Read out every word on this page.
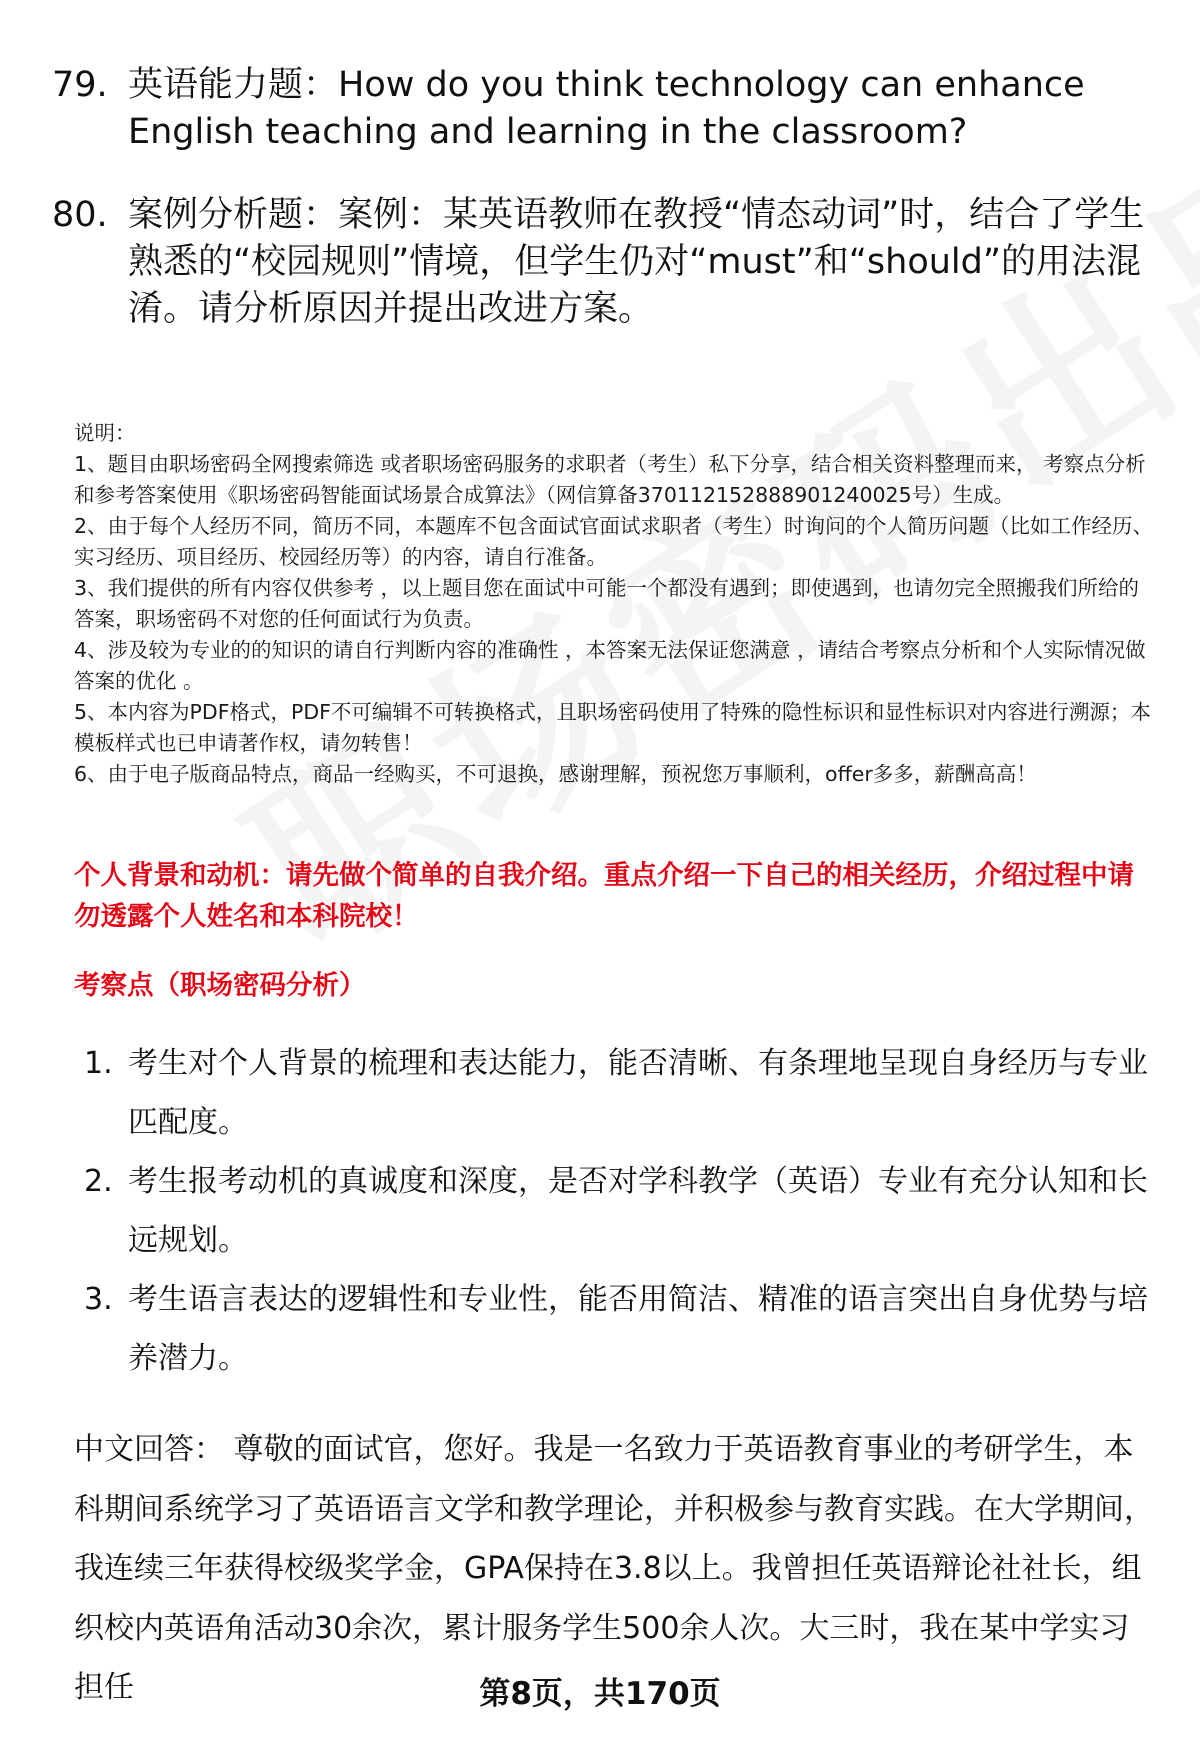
79. 英语能力题：How do you think technology can enhance English teaching and learning in the classroom?
80. 案例分析题：案例：某英语教师在教授“情态动词”时，结合了学生熟悉的“校园规则”情境，但学生仍对“must”和“should”的用法混淆。请分析原因并提出改进方案。

说明：

1、题目由职场密码全网搜索筛选 或者职场密码服务的求职者（考生）私下分享，结合相关资料整理而来， 考察点分析和参考答案使用《职场密码智能面试场景合成算法》（网信算备370112152888901240025号）生成。

2、由于每个人经历不同，简历不同，本题库不包含面试官面试求职者（考生）时询问的个人简历问题（比如工作经历、实习经历、项目经历、校园经历等）的内容，请自行准备。

3、我们提供的所有内容仅供参考 ，以上题目您在面试中可能一个都没有遇到；即使遇到，也请勿完全照搬我们所给的答案，职场密码不对您的任何面试行为负责。

4、涉及较为专业的的知识的请自行判断内容的准确性 ，本答案无法保证您满意 ，请结合考察点分析和个人实际情况做答案的优化 。

5、本内容为PDF格式，PDF不可编辑不可转换格式，且职场密码使用了特殊的隐性标识和显性标识对内容进行溯源；本模板样式也已申请著作权，请勿转售！

6、由于电子版商品特点，商品一经购买，不可退换，感谢理解，预祝您万事顺利，offer多多，薪酬高高！

个人背景和动机：请先做个简单的自我介绍。重点介绍一下自己的相关经历，介绍过程中请勿透露个人姓名和本科院校！
考察点（职场密码分析）
1. 考生对个人背景的梳理和表达能力，能否清晰、有条理地呈现自身经历与专业匹配度。
2. 考生报考动机的真诚度和深度，是否对学科教学（英语）专业有充分认知和长远规划。
3. 考生语言表达的逻辑性和专业性，能否用简洁、精准的语言突出自身优势与培养潜力。

中文回答： 尊敬的面试官，您好。我是一名致力于英语教育事业的考研学生，本科期间系统学习了英语语言文学和教学理论，并积极参与教育实践。在大学期间，我连续三年获得校级奖学金，GPA保持在3.8以上。我曾担任英语辩论社社长，组织校内英语角活动30余次，累计服务学生500余人次。大三时，我在某中学实习担任	第8页，共170页
